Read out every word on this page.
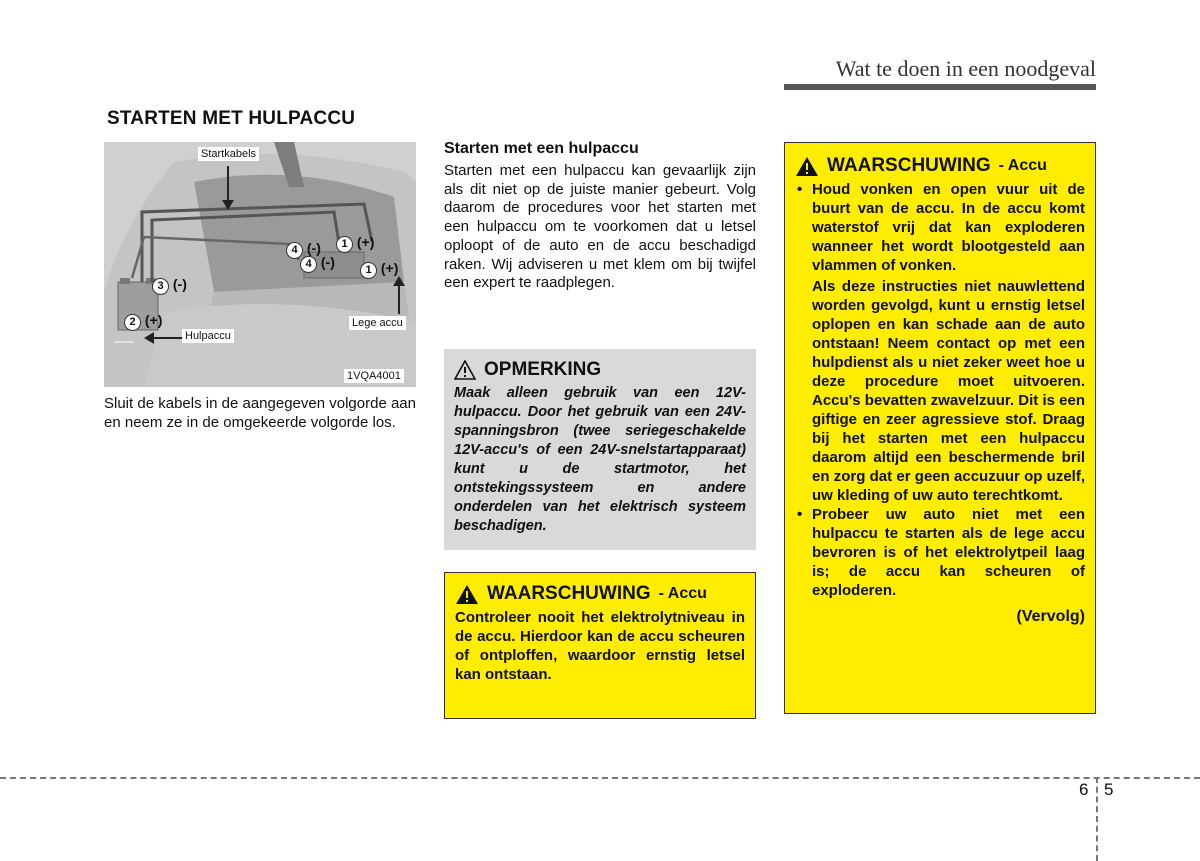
Wat te doen in een noodgeval
STARTEN MET HULPACCU
Startkabels
Hulpaccu
Lege accu
1VQA4001
1 (+)
1 (+)
2 (+)
3 (-)
4 (-)
4 (-)
Sluit de kabels in de aangegeven volgorde aan en neem ze in de omgekeerde volgorde los.
Starten met een hulpaccu
Starten met een hulpaccu kan gevaarlijk zijn als dit niet op de juiste manier gebeurt. Volg daarom de procedures voor het starten met een hulpaccu om te voorkomen dat u letsel oploopt of de auto en de accu beschadigd raken. Wij adviseren u met klem om bij twijfel een expert te raadplegen.
OPMERKING
Maak alleen gebruik van een 12V-hulpaccu. Door het gebruik van een 24V-spanningsbron (twee seriegeschakelde 12V-accu's of een 24V-snelstartapparaat) kunt u de startmotor, het ontstekingssysteem en andere onderdelen van het elektrisch systeem beschadigen.
WAARSCHUWING - Accu
Controleer nooit het elektrolytniveau in de accu. Hierdoor kan de accu scheuren of ontploffen, waardoor ernstig letsel kan ontstaan.
WAARSCHUWING - Accu
• Houd vonken en open vuur uit de buurt van de accu. In de accu komt waterstof vrij dat kan exploderen wanneer het wordt blootgesteld aan vlammen of vonken.
Als deze instructies niet nauwlettend worden gevolgd, kunt u ernstig letsel oplopen en kan schade aan de auto ontstaan! Neem contact op met een hulpdienst als u niet zeker weet hoe u deze procedure moet uitvoeren. Accu's bevatten zwavelzuur. Dit is een giftige en zeer agressieve stof. Draag bij het starten met een hulpaccu daarom altijd een beschermende bril en zorg dat er geen accuzuur op uzelf, uw kleding of uw auto terechtkomt.
• Probeer uw auto niet met een hulpaccu te starten als de lege accu bevroren is of het elektrolytpeil laag is; de accu kan scheuren of exploderen.
(Vervolg)
6 5
